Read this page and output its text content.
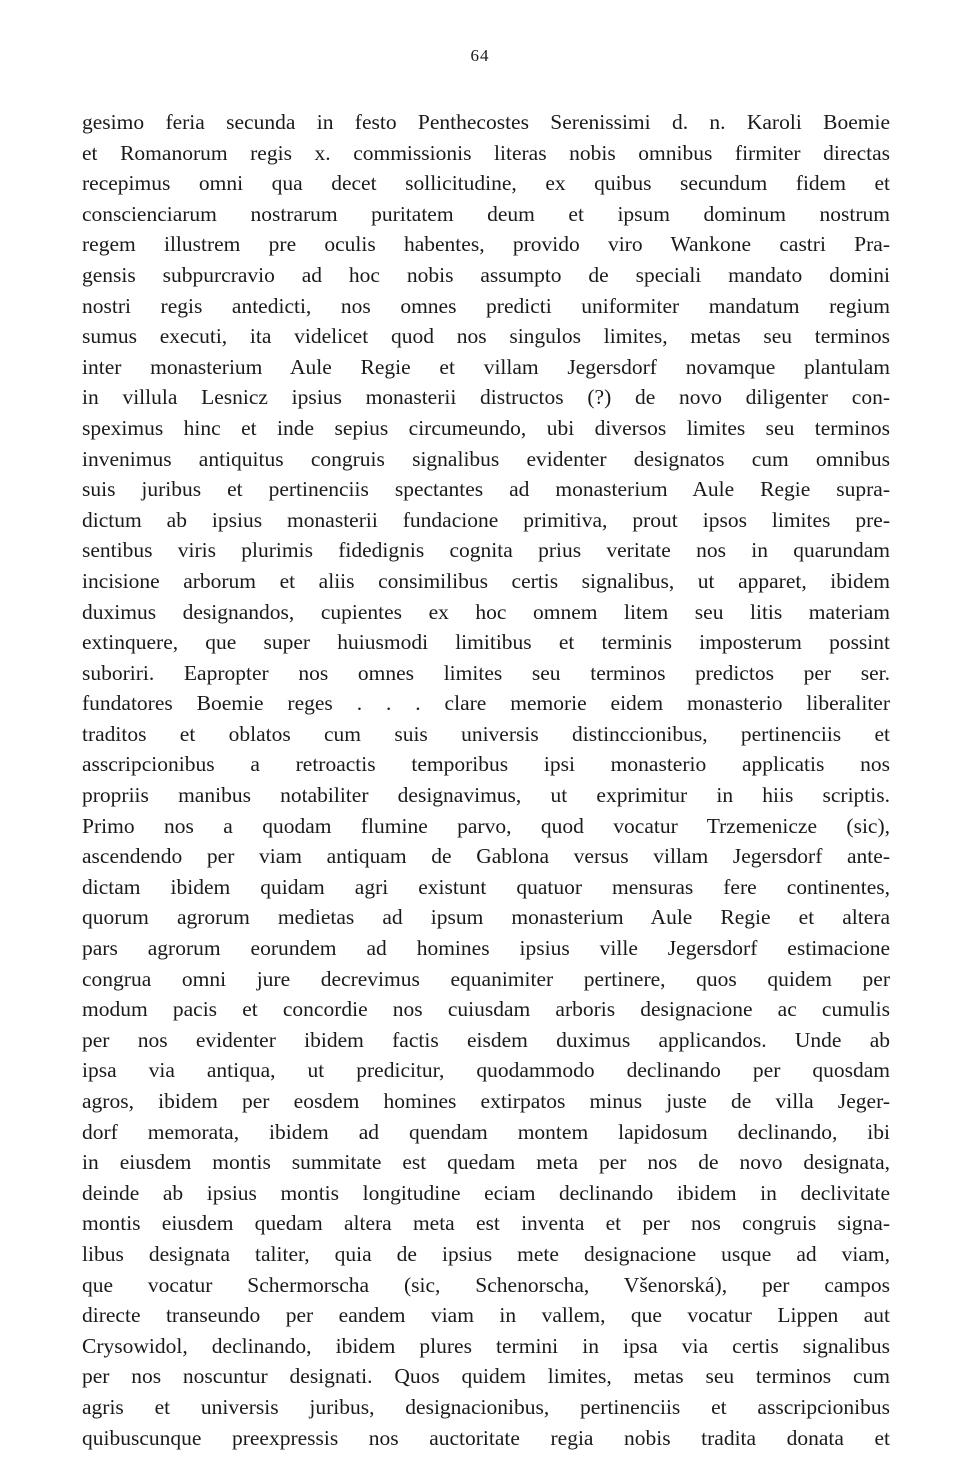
64
gesimo feria secunda in festo Penthecostes Serenissimi d. n. Karoli Boemie
et Romanorum regis x. commissionis literas nobis omnibus firmiter directas
recepimus omni qua decet sollicitudine, ex quibus secundum fidem et
conscienciarum nostrarum puritatem deum et ipsum dominum nostrum
regem illustrem pre oculis habentes, provido viro Wankone castri Pra-
gensis subpurcravio ad hoc nobis assumpto de speciali mandato domini
nostri regis antedicti, nos omnes predicti uniformiter mandatum regium
sumus executi, ita videlicet quod nos singulos limites, metas seu terminos
inter monasterium Aule Regie et villam Jegersdorf novamque plantulam
in villula Lesnicz ipsius monasterii distructos (?) de novo diligenter con-
speximus hinc et inde sepius circumeundo, ubi diversos limites seu terminos
invenimus antiquitus congruis signalibus evidenter designatos cum omnibus
suis juribus et pertinenciis spectantes ad monasterium Aule Regie supra-
dictum ab ipsius monasterii fundacione primitiva, prout ipsos limites pre-
sentibus viris plurimis fidedignis cognita prius veritate nos in quarundam
incisione arborum et aliis consimilibus certis signalibus, ut apparet, ibidem
duximus designandos, cupientes ex hoc omnem litem seu litis materiam
extinquere, que super huiusmodi limitibus et terminis imposterum possint
suboriri. Eapropter nos omnes limites seu terminos predictos per ser.
fundatores Boemie reges . . . clare memorie eidem monasterio liberaliter
traditos et oblatos cum suis universis distinccionibus, pertinenciis et
asscripcionibus a retroactis temporibus ipsi monasterio applicatis nos
propriis manibus notabiliter designavimus, ut exprimitur in hiis scriptis.
Primo nos a quodam flumine parvo, quod vocatur Trzemenicze (sic),
ascendendo per viam antiquam de Gablona versus villam Jegersdorf ante-
dictam ibidem quidam agri existunt quatuor mensuras fere continentes,
quorum agrorum medietas ad ipsum monasterium Aule Regie et altera
pars agrorum eorundem ad homines ipsius ville Jegersdorf estimacione
congrua omni jure decrevimus equanimiter pertinere, quos quidem per
modum pacis et concordie nos cuiusdam arboris designacione ac cumulis
per nos evidenter ibidem factis eisdem duximus applicandos. Unde ab
ipsa via antiqua, ut predicitur, quodammodo declinando per quosdam
agros, ibidem per eosdem homines extirpatos minus juste de villa Jeger-
dorf memorata, ibidem ad quendam montem lapidosum declinando, ibi
in eiusdem montis summitate est quedam meta per nos de novo designata,
deinde ab ipsius montis longitudine eciam declinando ibidem in declivitate
montis eiusdem quedam altera meta est inventa et per nos congruis signa-
libus designata taliter, quia de ipsius mete designacione usque ad viam,
que vocatur Schermorscha (sic, Schenorscha, Všenorská), per campos
directe transeundo per eandem viam in vallem, que vocatur Lippen aut
Crysowidol, declinando, ibidem plures termini in ipsa via certis signalibus
per nos noscuntur designati. Quos quidem limites, metas seu terminos cum
agris et universis juribus, designacionibus, pertinenciis et asscripcionibus
quibuscunque preexpressis nos auctoritate regia nobis tradita donata et
